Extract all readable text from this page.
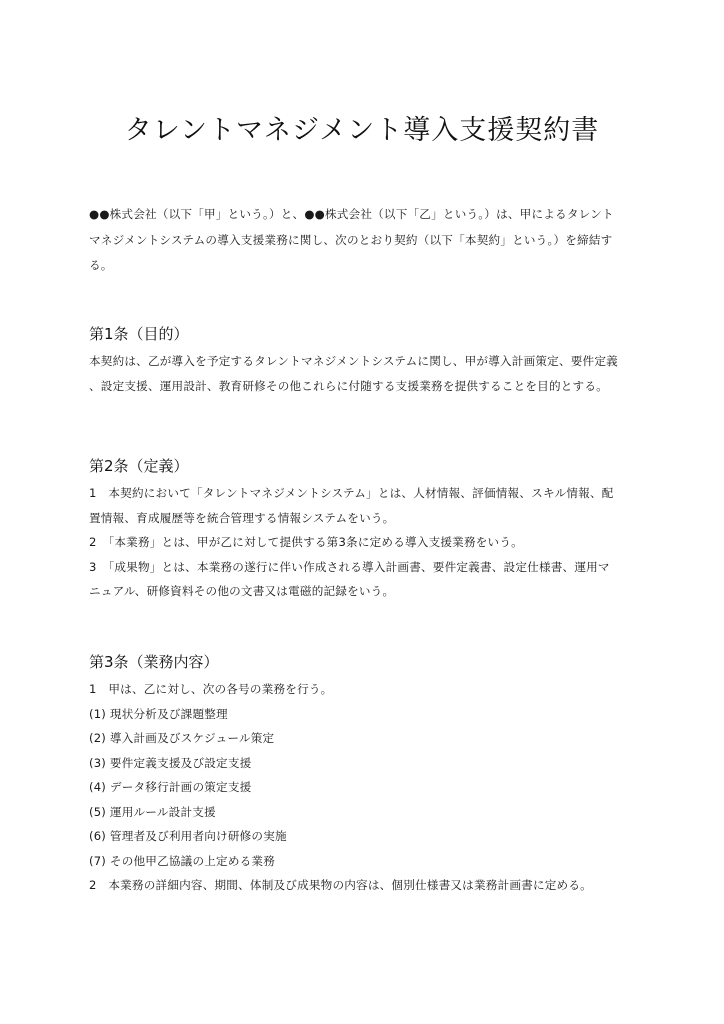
タレントマネジメント導入支援契約書
●●株式会社（以下「甲」という。）と、●●株式会社（以下「乙」という。）は、甲によるタレント
マネジメントシステムの導入支援業務に関し、次のとおり契約（以下「本契約」という。）を締結す
る。
第1条（目的）
本契約は、乙が導入を予定するタレントマネジメントシステムに関し、甲が導入計画策定、要件定義
、設定支援、運用設計、教育研修その他これらに付随する支援業務を提供することを目的とする。
第2条（定義）
1　本契約において「タレントマネジメントシステム」とは、人材情報、評価情報、スキル情報、配
置情報、育成履歴等を統合管理する情報システムをいう。
2　「本業務」とは、甲が乙に対して提供する第3条に定める導入支援業務をいう。
3　「成果物」とは、本業務の遂行に伴い作成される導入計画書、要件定義書、設定仕様書、運用マ
ニュアル、研修資料その他の文書又は電磁的記録をいう。
第3条（業務内容）
1　甲は、乙に対し、次の各号の業務を行う。
(1) 現状分析及び課題整理
(2) 導入計画及びスケジュール策定
(3) 要件定義支援及び設定支援
(4) データ移行計画の策定支援
(5) 運用ルール設計支援
(6) 管理者及び利用者向け研修の実施
(7) その他甲乙協議の上定める業務
2　本業務の詳細内容、期間、体制及び成果物の内容は、個別仕様書又は業務計画書に定める。
